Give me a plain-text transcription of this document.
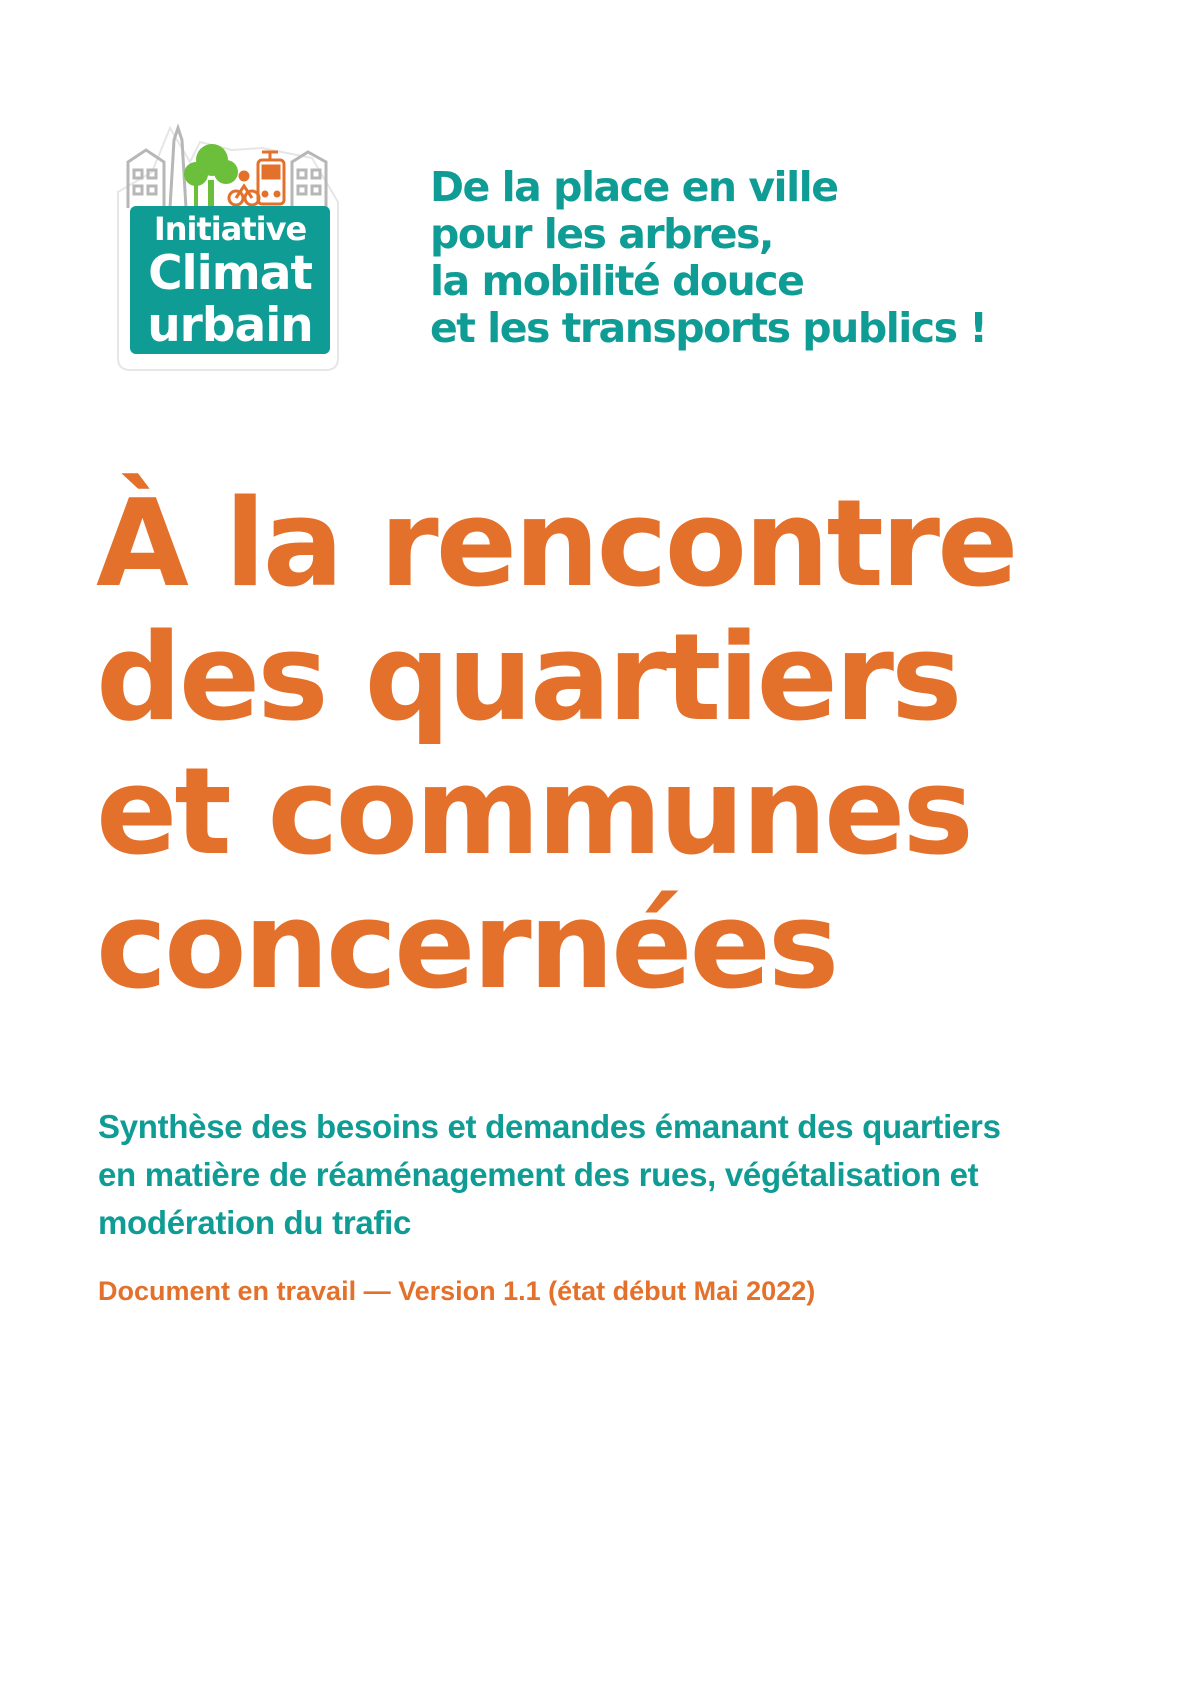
Initiative
Climat
urbain
De la place en ville
pour les arbres,
la mobilité douce
et les transports publics !
À la rencontre
des quartiers
et communes
concernées
Synthèse des besoins et demandes émanant des quartiers
en matière de réaménagement des rues, végétalisation et
modération du trafic
Document en travail — Version 1.1 (état début Mai 2022)
